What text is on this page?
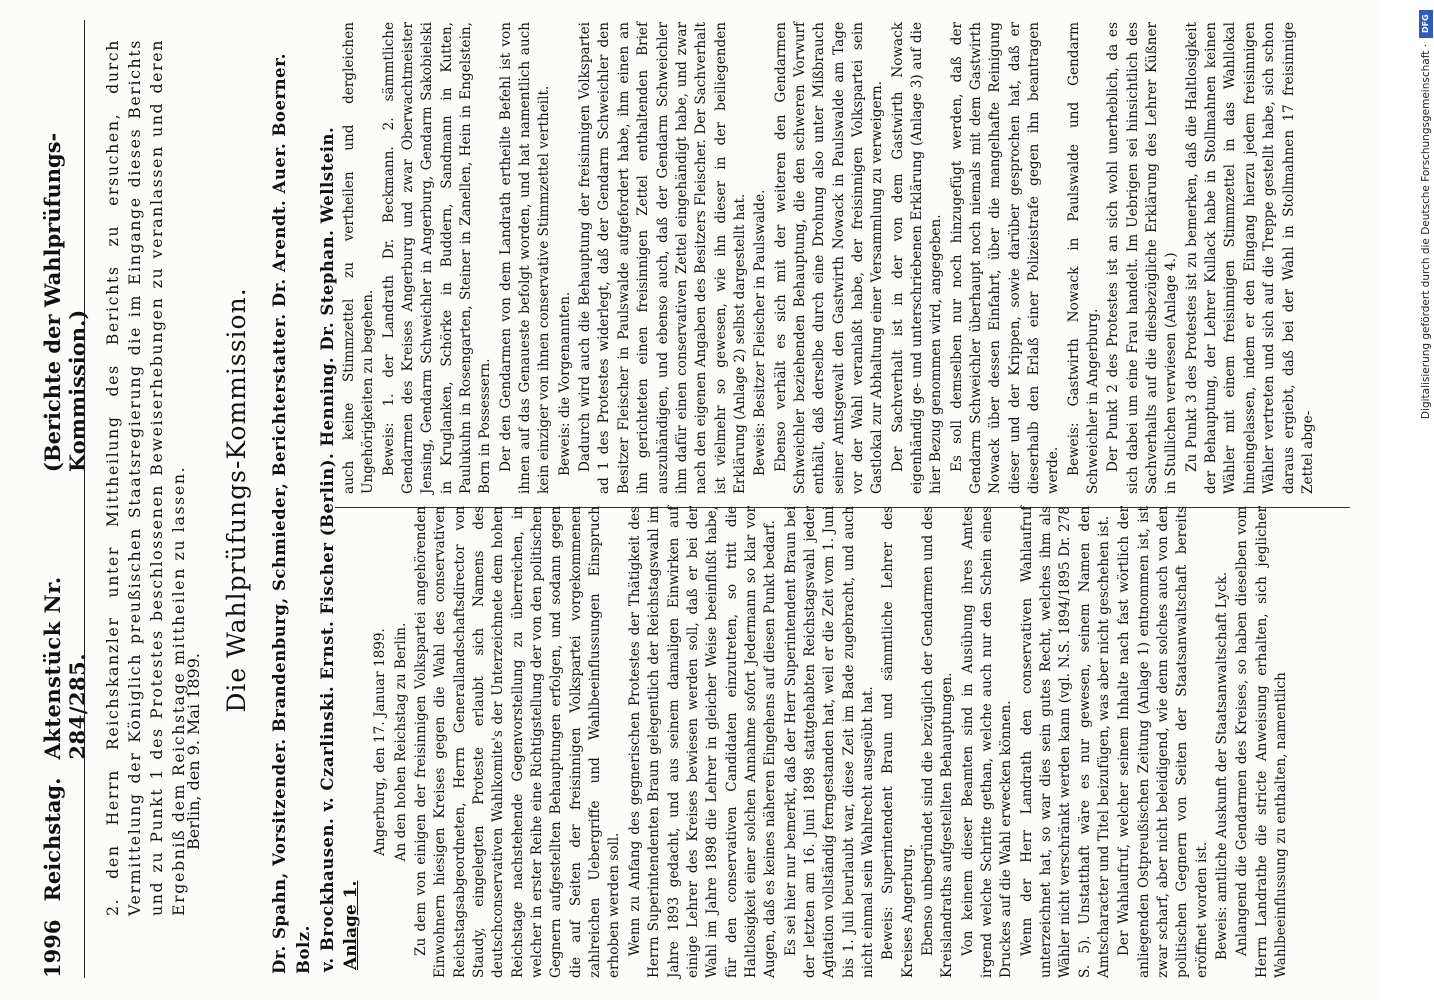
1996
Reichstag.
Aktenstück Nr. 284/285.
(Berichte der Wahlprüfungs-Kommission.) 2. den Herrn Reichskanzler unter Mittheilung des Berichts zu ersuchen, durch Vermittelung der Königlich preußischen Staatsregierung die im Eingange dieses Berichts und zu Punkt 1 des Protestes beschlossenen Beweiserhebungen zu veranlassen und deren Ergebniß dem Reichstage mittheilen zu lassen.
Berlin, den 9. Mai 1899.
Die Wahlprüfungs-Kommission. Dr. Spahn, Vorsitzender. Brandenburg, Schmieder, Berichterstatter. Dr. Arendt. Auer. Boerner. Bolz. v. Brockhausen. v. Czarlinski. Ernst. Fischer (Berlin). Henning. Dr. Stephan. Wellstein. Anlage 1.

Angerburg, den 17. Januar 1899. An den hohen Reichstag zu Berlin. Zu dem von einigen der freisinnigen Volkspartei angehörenden Einwohnern hiesigen Kreises gegen die Wahl des conservativen Reichstagsabgeordneten, Herrn Generallandschaftsdirector von Staudy, eingelegten Proteste erlaubt sich Namens des deutschconservativen Wahlkomite's der Unterzeichnete dem hohen Reichstage nachstehende Gegenvorstellung zu überreichen, in welcher in erster Reihe eine Richtigstellung der von den politischen Gegnern aufgestellten Behauptungen erfolgen, und sodann gegen die auf Seiten der freisinnigen Volkspartei vorgekommenen zahlreichen Uebergriffe und Wahlbeeinflussungen Einspruch erhoben werden soll. Wenn zu Anfang des gegnerischen Protestes der Thätigkeit des Herrn Superintendenten Braun gelegentlich der Reichstagswahl im Jahre 1893 gedacht, und aus seinem damaligen Einwirken auf einige Lehrer des Kreises bewiesen werden soll, daß er bei der Wahl im Jahre 1898 die Lehrer in gleicher Weise beeinflußt habe, für den conservativen Candidaten einzutreten, so tritt die Haltlosigkeit einer solchen Annahme sofort Jedermann so klar vor Augen, daß es keines näheren Eingehens auf diesen Punkt bedarf. Es sei hier nur bemerkt, daß der Herr Superintendent Braun bei der letzten am 16. Juni 1898 stattgehabten Reichstagswahl jeder Agitation vollständig ferngestanden hat, weil er die Zeit vom 1. Juni bis 1. Juli beurlaubt war, diese Zeit im Bade zugebracht, und auch nicht einmal sein Wahlrecht ausgeübt hat. Beweis: Superintendent Braun und sämmtliche Lehrer des Kreises Angerburg. Ebenso unbegründet sind die bezüglich der Gendarmen und des Kreislandraths aufgestellten Behauptungen. Von keinem dieser Beamten sind in Ausübung ihres Amtes irgend welche Schritte gethan, welche auch nur den Schein eines Druckes auf die Wahl erwecken können. Wenn der Herr Landrath den conservativen Wahlaufruf unterzeichnet hat, so war dies sein gutes Recht, welches ihm als Wähler nicht verschränkt werden kann (vgl. N.S. 1894/1895 Dr. 278 S. 5). Unstatthaft wäre es nur gewesen, seinem Namen den Amtscharacter und Titel beizufügen, was aber nicht geschehen ist. Der Wahlaufruf, welcher seinem Inhalte nach fast wörtlich der anliegenden Ostpreußischen Zeitung (Anlage 1) entnommen ist, ist zwar scharf, aber nicht beleidigend, wie denn solches auch von den politischen Gegnern von Seiten der Staatsanwaltschaft bereits eröffnet worden ist. Beweis: amtliche Auskunft der Staatsanwaltschaft Lyck. Anlangend die Gendarmen des Kreises, so haben dieselben vom Herrn Landrathe die stricte Anweisung erhalten, sich jeglicher Wahlbeeinflussung zu enthalten, namentlich

auch keine Stimmzettel zu vertheilen und dergleichen Ungehörigkeiten zu begehen. Beweis: 1. der Landrath Dr. Beckmann. 2. sämmtliche Gendarmen des Kreises Angerburg und zwar Oberwachtmeister Jensing, Gendarm Schweichler in Angerburg, Gendarm Sakobielski in Kruglanken, Schörke in Buddern, Sandmann in Kutten, Paulukuhn in Rosengarten, Steiner in Zanellen, Hein in Engelstein, Born in Possessern. Der den Gendarmen von dem Landrath ertheilte Befehl ist von ihnen auf das Genaueste befolgt worden, und hat namentlich auch kein einziger von ihnen conservative Stimmzettel vertheilt. Beweis: die Vorgenannten. Dadurch wird auch die Behauptung der freisinnigen Volkspartei ad 1 des Protestes widerlegt, daß der Gendarm Schweichler den Besitzer Fleischer in Paulswalde aufgefordert habe, ihm einen an ihn gerichteten einen freisinnigen Zettel enthaltenden Brief auszuhändigen, und ebenso auch, daß der Gendarm Schweichler ihm dafür einen conservativen Zettel eingehändigt habe, und zwar nach den eigenen Angaben des Besitzers Fleischer. Der Sachverhalt ist vielmehr so gewesen, wie ihn dieser in der beiliegenden Erklärung (Anlage 2) selbst dargestellt hat. Beweis: Besitzer Fleischer in Paulswalde. Ebenso verhält es sich mit der weiteren den Gendarmen Schweichler beziehenden Behauptung, die den schweren Vorwurf enthält, daß derselbe durch eine Drohung also unter Mißbrauch seiner Amtsgewalt den Gastwirth Nowack in Paulswalde am Tage vor der Wahl veranlaßt habe, der freisinnigen Volkspartei sein Gastlokal zur Abhaltung einer Versammlung zu verweigern. Der Sachverhalt ist in der von dem Gastwirth Nowack eigenhändig ge- und unterschriebenen Erklärung (Anlage 3) auf die hier Bezug genommen wird, angegeben. Es soll demselben nur noch hinzugefügt werden, daß der Gendarm Schweichler überhaupt noch niemals mit dem Gastwirth Nowack über dessen Einfahrt, über die mangelhafte Reinigung dieser und der Krippen, sowie darüber gesprochen hat, daß er dieserhalb den Erlaß einer Polizeistrafe gegen ihn beantragen werde. Beweis: Gastwirth Nowack in Paulswalde und Gendarm Schweichler in Angerburg. Der Punkt 2 des Protestes ist an sich wohl unerheblich, da es sich dabei um eine Frau handelt. Im Uebrigen sei hinsichtlich des Sachverhalts auf die diesbezügliche Erklärung des Lehrer Küßner in Stullichen verwiesen (Anlage 4.) Zu Punkt 3 des Protestes ist zu bemerken, daß die Haltlosigkeit der Behauptung, der Lehrer Kullack habe in Stollmahnen keinen Wähler mit einem freisinnigen Stimmzettel in das Wahllokal hineingelassen, indem er den Eingang hierzu jedem freisinnigen Wähler vertreten und sich auf die Treppe gestellt habe, sich schon daraus ergiebt, daß bei der Wahl in Stollmahnen 17 freisinnige Zettel abge-

DFG
Digitalisierung gefördert durch die Deutsche Forschungsgemeinschaft ·
